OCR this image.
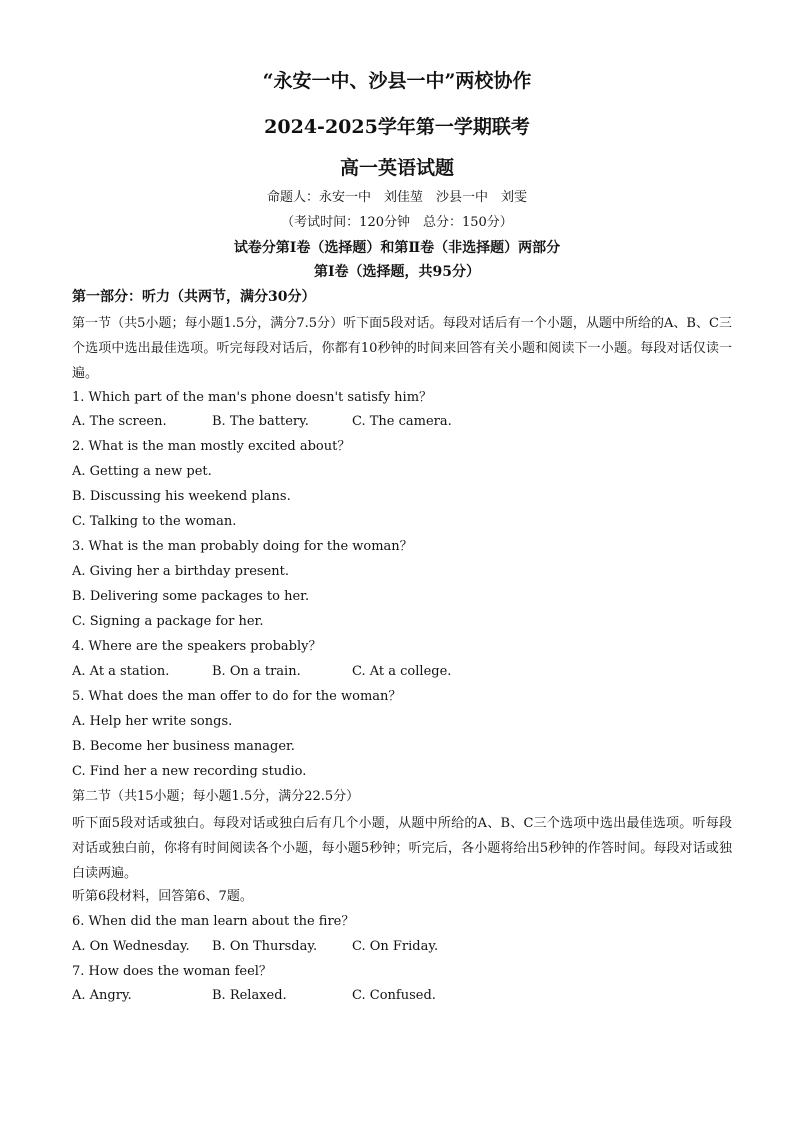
“永安一中、沙县一中”两校协作
2024-2025学年第一学期联考
高一英语试题
命题人：永安一中　刘佳堃　沙县一中　刘雯
（考试时间：120分钟　总分：150分）
试卷分第Ⅰ卷（选择题）和第Ⅱ卷（非选择题）两部分
第Ⅰ卷（选择题，共95分）
第一部分：听力（共两节，满分30分）
第一节（共5小题；每小题1.5分，满分7.5分）听下面5段对话。每段对话后有一个小题，从题中所给的A、B、C三个选项中选出最佳选项。听完每段对话后，你都有10秒钟的时间来回答有关小题和阅读下一小题。每段对话仅读一遍。
1. Which part of the man's phone doesn't satisfy him？
A. The screen.	B. The battery.	C. The camera.
2. What is the man mostly excited about？
A. Getting a new pet.
B. Discussing his weekend plans.
C. Talking to the woman.
3. What is the man probably doing for the woman？
A. Giving her a birthday present.
B. Delivering some packages to her.
C. Signing a package for her.
4. Where are the speakers probably？
A. At a station.	B. On a train.	C. At a college.
5. What does the man offer to do for the woman？
A. Help her write songs.
B. Become her business manager.
C. Find her a new recording studio.
第二节（共15小题；每小题1.5分，满分22.5分）
听下面5段对话或独白。每段对话或独白后有几个小题，从题中所给的A、B、C三个选项中选出最佳选项。听每段对话或独白前，你将有时间阅读各个小题，每小题5秒钟；听完后，各小题将给出5秒钟的作答时间。每段对话或独白读两遍。
听第6段材料，回答第6、7题。
6. When did the man learn about the fire？
A. On Wednesday. B. On Thursday.	C. On Friday.
7. How does the woman feel？
A. Angry.	B. Relaxed.	C. Confused.
